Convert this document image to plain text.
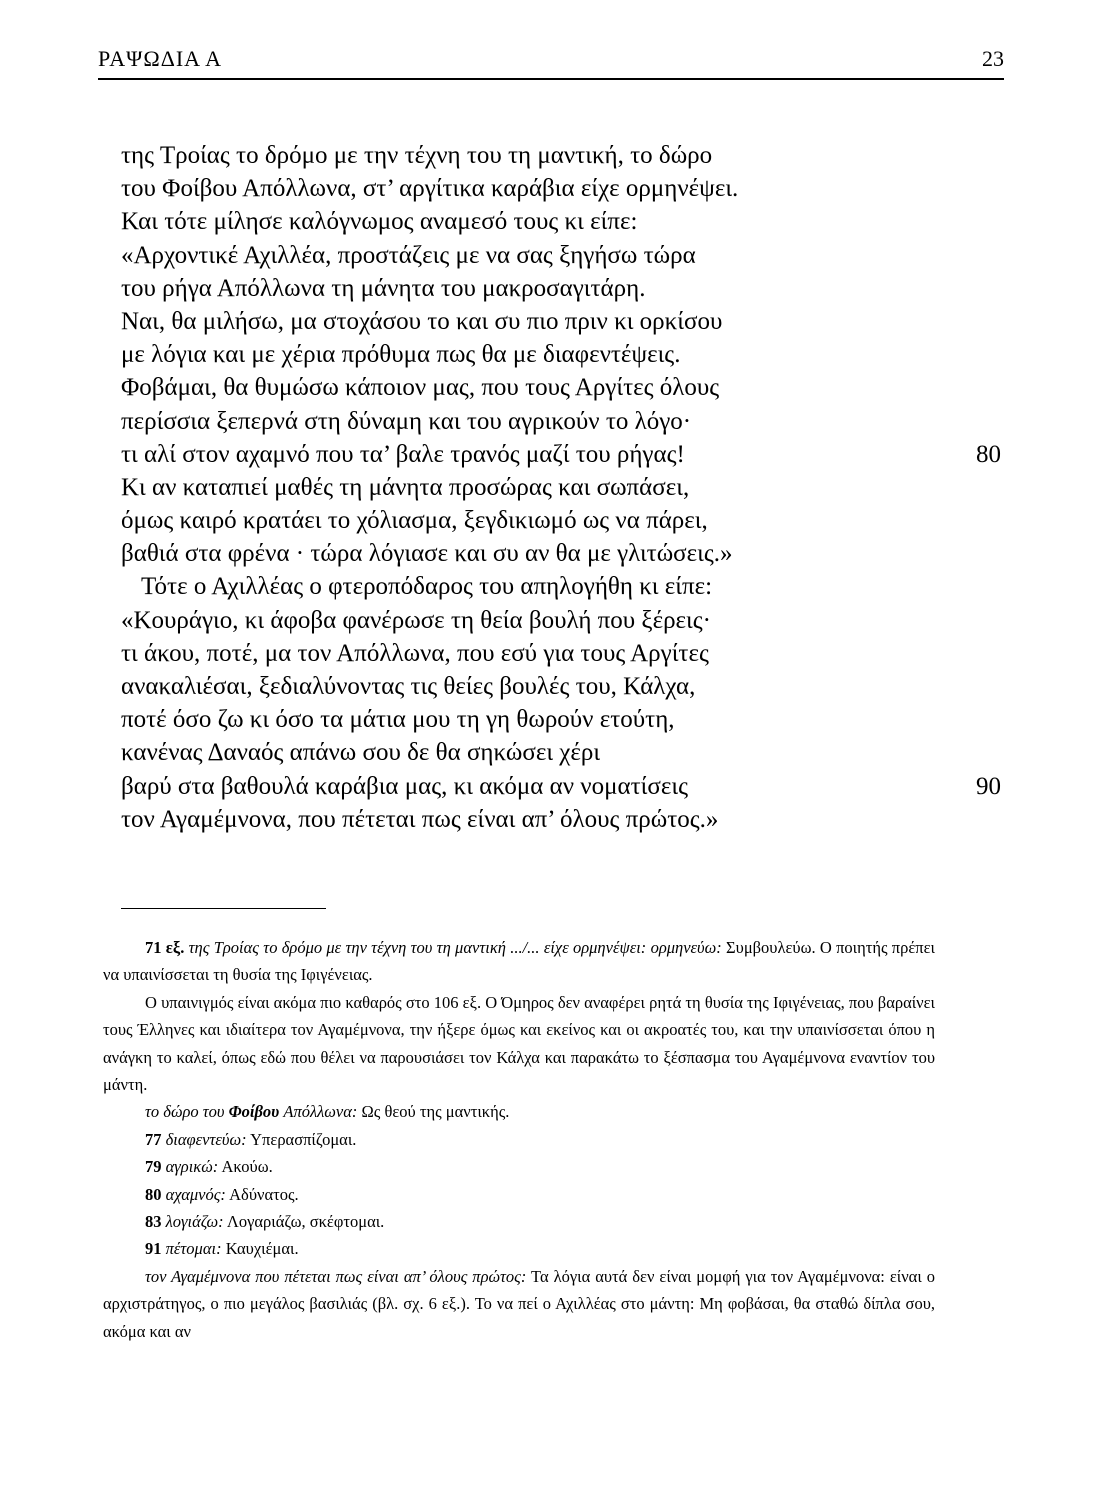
ΡΑΨΩΔΙΑ Α	23
της Τροίας το δρόμο με την τέχνη του τη μαντική, το δώρο
του Φοίβου Απόλλωνα, στ’ αργίτικα καράβια είχε ορμηνέψει.
Και τότε μίλησε καλόγνωμος αναμεσό τους κι είπε:
«Αρχοντικέ Αχιλλέα, προστάζεις με να σας ξηγήσω τώρα
του ρήγα Απόλλωνα τη μάνητα του μακροσαγιτάρη.
Ναι, θα μιλήσω, μα στοχάσου το και συ πιο πριν κι ορκίσου
με λόγια και με χέρια πρόθυμα πως θα με διαφεντέψεις.
Φοβάμαι, θα θυμώσω κάποιον μας, που τους Αργίτες όλους
περίσσια ξεπερνά στη δύναμη και του αγρικούν το λόγο·
τι αλί στον αχαμνό που τα’ βαλε τρανός μαζί του ρήγας!	80
Κι αν καταπιεί μαθές τη μάνητα προσώρας και σωπάσει,
όμως καιρό κρατάει το χόλιασμα, ξεγδικιωμό ως να πάρει,
βαθιά στα φρένα · τώρα λόγιασε και συ αν θα με γλιτώσεις.»
Τότε ο Αχιλλέας ο φτεροπόδαρος του απηλογήθη κι είπε:
«Κουράγιο, κι άφοβα φανέρωσε τη θεία βουλή που ξέρεις·
τι άκου, ποτέ, μα τον Απόλλωνα, που εσύ για τους Αργίτες
ανακαλιέσαι, ξεδιαλύνοντας τις θείες βουλές του, Κάλχα,
ποτέ όσο ζω κι όσο τα μάτια μου τη γη θωρούν ετούτη,
κανένας Δαναός απάνω σου δε θα σηκώσει χέρι
βαρύ στα βαθουλά καράβια μας, κι ακόμα αν νοματίσεις	90
τον Αγαμέμνονα, που πέτεται πως είναι απ’ όλους πρώτος.»

71 εξ. της Τροίας το δρόμο με την τέχνη του τη μαντική .../... είχε ορμηνέψει: ορμηνεύω: Συμβουλεύω. Ο ποιητής πρέπει να υπαινίσσεται τη θυσία της Ιφιγένειας.

Ο υπαινιγμός είναι ακόμα πιο καθαρός στο 106 εξ. Ο Όμηρος δεν αναφέρει ρητά τη θυσία της Ιφιγένειας, που βαραίνει τους Έλληνες και ιδιαίτερα τον Αγαμέμνονα, την ήξερε όμως και εκείνος και οι ακροατές του, και την υπαινίσσεται όπου η ανάγκη το καλεί, όπως εδώ που θέλει να παρουσιάσει τον Κάλχα και παρακάτω το ξέσπασμα του Αγαμέμνονα εναντίον του μάντη.

το δώρο του Φοίβου Απόλλωνα: Ως θεού της μαντικής.

77 διαφεντεύω: Υπερασπίζομαι.

79 αγρικώ: Ακούω.

80 αχαμνός: Αδύνατος.

83 λογιάζω: Λογαριάζω, σκέφτομαι.

91 πέτομαι: Καυχιέμαι.

τον Αγαμέμνονα που πέτεται πως είναι απ’ όλους πρώτος: Τα λόγια αυτά δεν είναι μομφή για τον Αγαμέμνονα: είναι ο αρχιστράτηγος, ο πιο μεγάλος βασιλιάς (βλ. σχ. 6 εξ.). Το να πεί ο Αχιλλέας στο μάντη: Μη φοβάσαι, θα σταθώ δίπλα σου, ακόμα και αν
